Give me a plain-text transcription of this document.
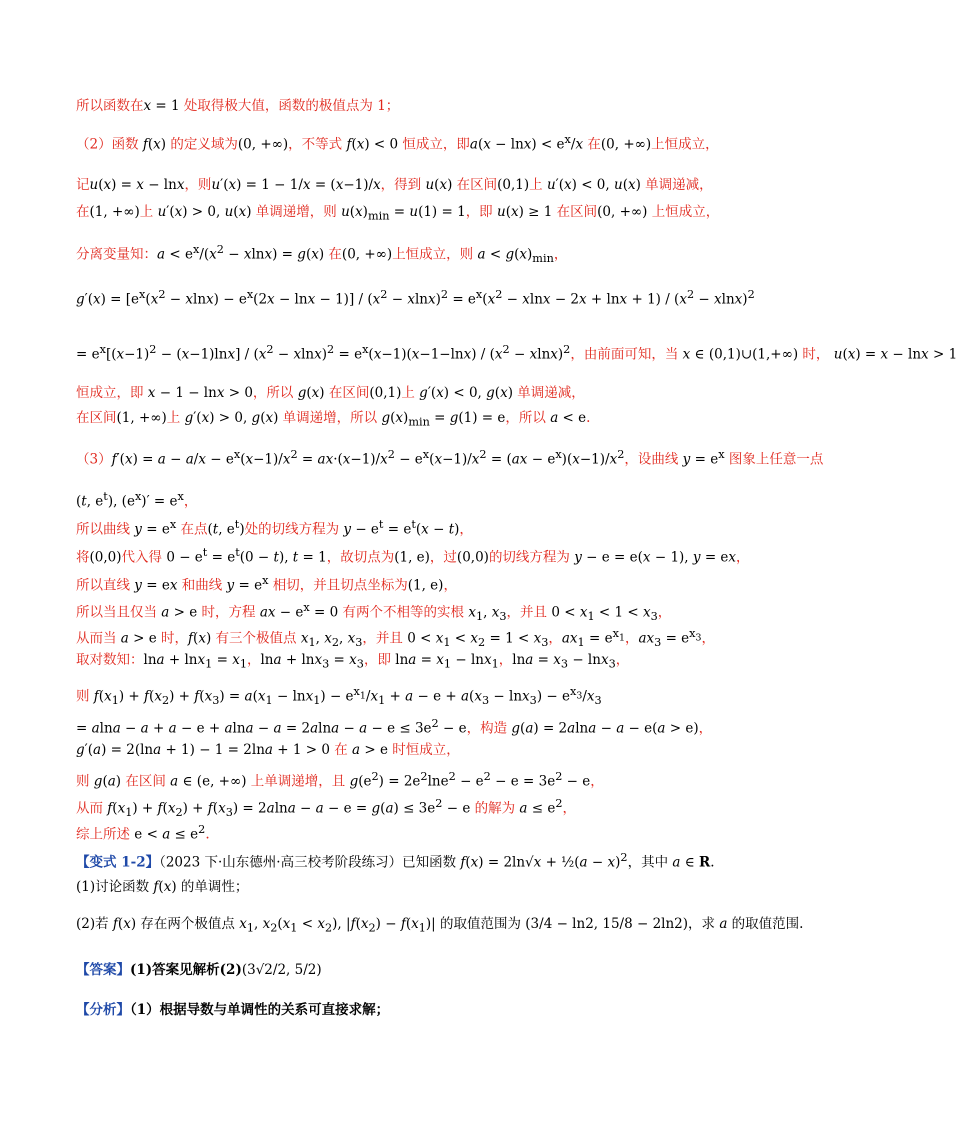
所以函数在x = 1 处取得极大值，函数的极值点为 1；
（2）函数 f(x) 的定义域为(0, +∞)，不等式 f(x) < 0 恒成立，即$a(x - \ln x) < e^x/x$ 在(0, +∞)上恒成立，
记u(x) = x − lnx，则u′(x) = 1 − 1/x = (x−1)/x，得到 u(x) 在区间(0,1)上 u′(x) < 0, u(x) 单调递减，
在(1, +∞)上 u′(x) > 0, u(x) 单调递增，则 $u(x)_{min} = u(1) = 1$，即 u(x) ≥ 1 在区间(0, +∞) 上恒成立，
分离变量知：$a < e^x/(x^2 - xlnx) = g(x)$ 在(0, +∞)上恒成立，则 $a < g(x)_{min}$，
$g'(x) = [e^x(x^2 - xlnx) - e^x(2x - \ln x - 1)] / (x^2 - xlnx)^2 = e^x(x^2 - xlnx - 2x + \ln x + 1) / (x^2 - xlnx)^2$
= $e^x[(x-1)^2 - (x-1)\ln x] / (x^2 - xlnx)^2 = e^x(x-1)(x-1-\ln x) / (x^2 - xlnx)^2$，由前面可知，当 x ∈ (0,1)∪(1,+∞) 时， u(x) = x − lnx > 1
恒成立，即 x − 1 − lnx > 0，所以 g(x) 在区间(0,1)上 g′(x) < 0, g(x) 单调递减，
在区间(1, +∞)上 g′(x) > 0, g(x) 单调递增，所以 $g(x)_{min} = g(1) = e$，所以 a < e.
$(3)f'(x) = a - a/x - e^x(x-1)/x^2 = ax\cdot(x-1)/x^2 - e^x(x-1)/x^2 = (ax - e^x)(x-1)/x^2$，设曲线 $y = e^x$ 图象上任意一点
(t, $e^t$), $(e^x)' = e^x$，
所以曲线 $y = e^x$ 在点(t, $e^t$)处的切线方程为 $y - e^t = e^t(x - t)$，
将(0,0)代入得 $0 - e^t = e^t(0 - t)$, t = 1，故切点为(1, e)，过(0,0)的切线方程为 y − e = e(x − 1), y = ex，
所以直线 y = ex 和曲线 $y = e^x$ 相切，并且切点坐标为(1, e)，
所以当且仅当 a > e 时，方程 ax − $e^x = 0$ 有两个不相等的实根 $x_1$, $x_3$，并且 $0 < x_1 < 1 < x_3$，
从而当 a > e 时，f(x) 有三个极值点 $x_1$, $x_2$, $x_3$，并且 $0 < x_1 < x_2 = 1 < x_3$，$ax_1 = e^{x_1}$，$ax_3 = e^{x_3}$，
取对数知：$\ln a + \ln x_1 = x_1$，$\ln a + \ln x_3 = x_3$，即 $\ln a = x_1 - \ln x_1$，$\ln a = x_3 - \ln x_3$，
则 $f(x_1) + f(x_2) + f(x_3) = a(x_1 - \ln x_1) - e^{x_1}/x_1 + a - e + a(x_3 - \ln x_3) - e^{x_3}/x_3$
= $alna - a + a - e + alna - a = 2alna - a - e \le 3e^2 - e$，构造 g(a) = 2alna − a − e(a > e)，
g′(a) = 2(lna + 1) − 1 = 2lna + 1 > 0 在 a > e 时恒成立，
则 g(a) 在区间 a ∈ (e, +∞) 上单调递增，且 $g(e^2) = 2e^2\ln e^2 - e^2 - e = 3e^2 - e$，
从而 $f(x_1) + f(x_2) + f(x_3) = 2alna - a - e = g(a) \le 3e^2 - e$ 的解为 $a \le e^2$，
综上所述 $e < a \le e^2$.
【变式 1-2】（2023 下·山东德州·高三校考阶段练习）已知函数 f(x) = 2ln√x + ½(a − x)$^2$，其中 a ∈ R.
(1)讨论函数 f(x) 的单调性；
(2)若 f(x) 存在两个极值点 $x_1$, $x_2(x_1 < x_2)$, $|f(x_2) - f(x_1)|$ 的取值范围为 (3/4 − ln2, 15/8 − 2ln2)，求 a 的取值范围.
【答案】(1)答案见解析(2)(3√2/2, 5/2)
【分析】（1）根据导数与单调性的关系可直接求解；
